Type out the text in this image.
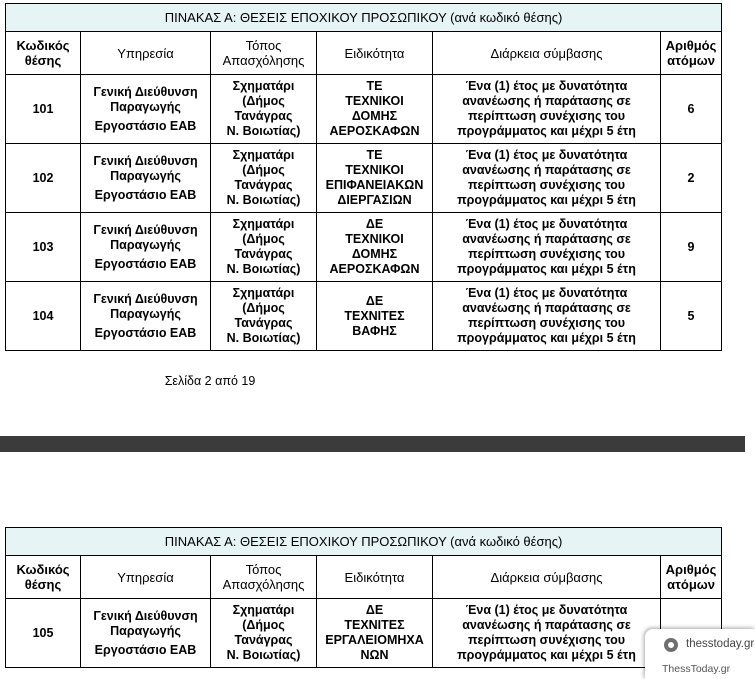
ΠΙΝΑΚΑΣ Α: ΘΕΣΕΙΣ ΕΠΟΧΙΚΟΥ ΠΡΟΣΩΠΙΚΟΥ (ανά κωδικό θέσης)					
Κωδικός
θέσης	Υπηρεσία	Τόπος
Απασχόλησης	Ειδικότητα	Διάρκεια σύμβασης	Αριθμός
ατόμων
101	Γενική Διεύθυνση
Παραγωγής
Εργοστάσιο ΕΑΒ	Σχηματάρι
(Δήμος
Τανάγρας
Ν. Βοιωτίας)	ΤΕ
ΤΕΧΝΙΚΟΙ
ΔΟΜΗΣ
ΑΕΡΟΣΚΑΦΩΝ	Ένα (1) έτος με δυνατότητα
ανανέωσης ή παράτασης σε
περίπτωση συνέχισης του
προγράμματος και μέχρι 5 έτη	6
102	Γενική Διεύθυνση
Παραγωγής
Εργοστάσιο ΕΑΒ	Σχηματάρι
(Δήμος
Τανάγρας
Ν. Βοιωτίας)	ΤΕ
ΤΕΧΝΙΚΟΙ
ΕΠΙΦΑΝΕΙΑΚΩΝ
ΔΙΕΡΓΑΣΙΩΝ	Ένα (1) έτος με δυνατότητα
ανανέωσης ή παράτασης σε
περίπτωση συνέχισης του
προγράμματος και μέχρι 5 έτη	2
103	Γενική Διεύθυνση
Παραγωγής
Εργοστάσιο ΕΑΒ	Σχηματάρι
(Δήμος
Τανάγρας
Ν. Βοιωτίας)	ΔΕ
ΤΕΧΝΙΚΟΙ
ΔΟΜΗΣ
ΑΕΡΟΣΚΑΦΩΝ	Ένα (1) έτος με δυνατότητα
ανανέωσης ή παράτασης σε
περίπτωση συνέχισης του
προγράμματος και μέχρι 5 έτη	9
104	Γενική Διεύθυνση
Παραγωγής
Εργοστάσιο ΕΑΒ	Σχηματάρι
(Δήμος
Τανάγρας
Ν. Βοιωτίας)	ΔΕ
ΤΕΧΝΙΤΕΣ
ΒΑΦΗΣ	Ένα (1) έτος με δυνατότητα
ανανέωσης ή παράτασης σε
περίπτωση συνέχισης του
προγράμματος και μέχρι 5 έτη	5
Σελίδα 2 από 19
ΠΙΝΑΚΑΣ Α: ΘΕΣΕΙΣ ΕΠΟΧΙΚΟΥ ΠΡΟΣΩΠΙΚΟΥ (ανά κωδικό θέσης)					
Κωδικός
θέσης	Υπηρεσία	Τόπος
Απασχόλησης	Ειδικότητα	Διάρκεια σύμβασης	Αριθμός
ατόμων
105	Γενική Διεύθυνση
Παραγωγής
Εργοστάσιο ΕΑΒ	Σχηματάρι
(Δήμος
Τανάγρας
Ν. Βοιωτίας)	ΔΕ
ΤΕΧΝΙΤΕΣ
ΕΡΓΑΛΕΙΟΜΗΧΑ
ΝΩΝ	Ένα (1) έτος με δυνατότητα
ανανέωσης ή παράτασης σε
περίπτωση συνέχισης του
προγράμματος και μέχρι 5 έτη	
thesstoday.gr
ThessToday.gr
